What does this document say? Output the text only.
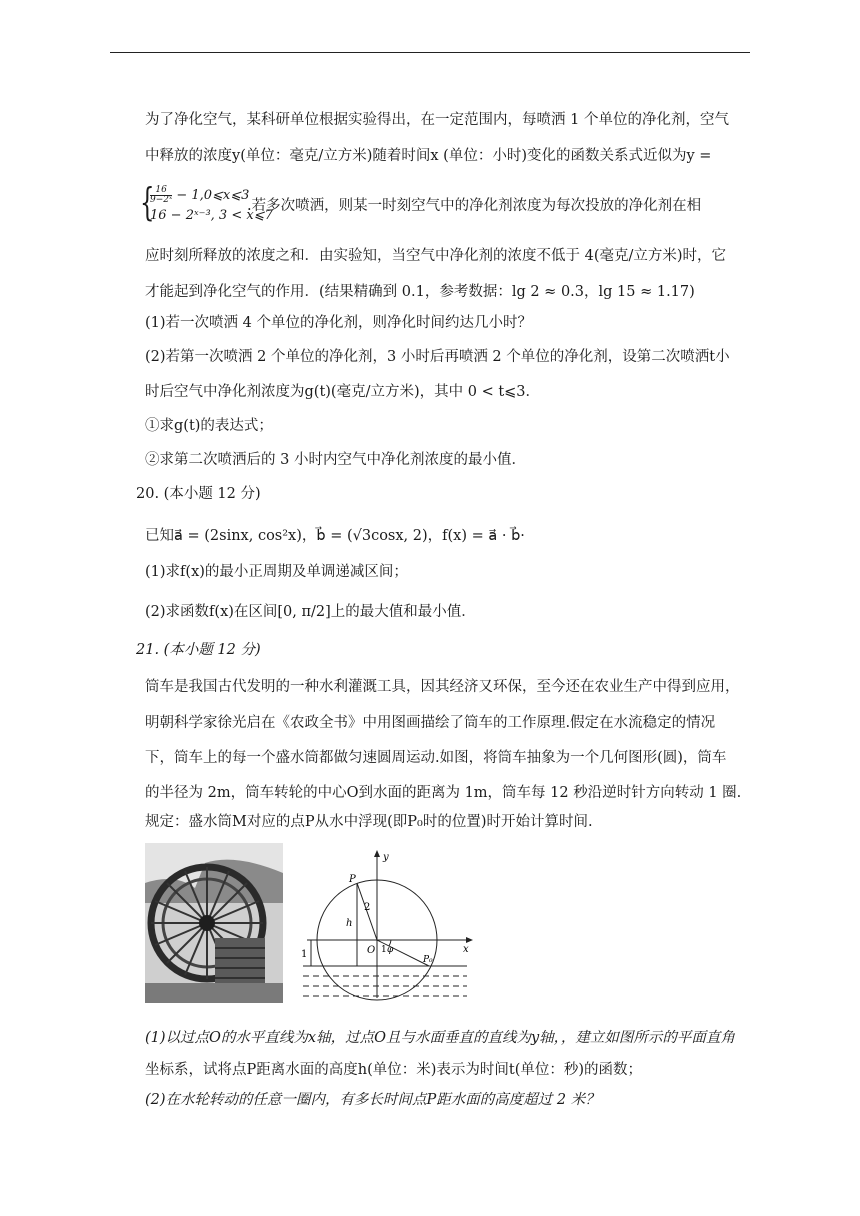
为了净化空气，某科研单位根据实验得出，在一定范围内，每喷洒 1 个单位的净化剂，空气
中释放的浓度y(单位：毫克/立方米)随着时间x (单位：小时)变化的函数关系式近似为y =
{
$\frac{16}{\text{9−2ˣ}}$ − 1,0⩽x⩽3
16 − 2ˣ⁻³, 3 < x⩽7
.若多次喷洒，则某一时刻空气中的净化剂浓度为每次投放的净化剂在相
应时刻所释放的浓度之和．由实验知，当空气中净化剂的浓度不低于 4(毫克/立方米)时，它
才能起到净化空气的作用．(结果精确到 0.1，参考数据：lg 2 ≈ 0.3，lg 15 ≈ 1.17)
(1)若一次喷洒 4 个单位的净化剂，则净化时间约达几小时？
(2)若第一次喷洒 2 个单位的净化剂，3 小时后再喷洒 2 个单位的净化剂，设第二次喷洒t小
时后空气中净化剂浓度为g(t)(毫克/立方米)，其中 0 < t⩽3．
①求g(t)的表达式；
②求第二次喷洒后的 3 小时内空气中净化剂浓度的最小值．
20. (本小题 12 分)
已知a⃗ = (2sinx, cos²x)，b⃗ = (√3cosx, 2)，f(x) = a⃗ · b⃗·
(1)求f(x)的最小正周期及单调递减区间；
(2)求函数f(x)在区间[0, π/2]上的最大值和最小值．
21. (本小题 12 分)
筒车是我国古代发明的一种水利灌溉工具，因其经济又环保，至今还在农业生产中得到应用，
明朝科学家徐光启在《农政全书》中用图画描绘了筒车的工作原理.假定在水流稳定的情况
下，筒车上的每一个盛水筒都做匀速圆周运动.如图，将筒车抽象为一个几何图形(圆)，筒车
的半径为 2m，筒车转轮的中心O到水面的距离为 1m，筒车每 12 秒沿逆时针方向转动 1 圈.
规定：盛水筒M对应的点P从水中浮现(即P₀时的位置)时开始计算时间.
y
x
P
P₀
O
h
2
1	1 φ
(1)以过点O的水平直线为x轴，过点O且与水面垂直的直线为y轴，，建立如图所示的平面直角
坐标系，试将点P距离水面的高度h(单位：米)表示为时间t(单位：秒)的函数；
(2)在水轮转动的任意一圈内，有多长时间点P距水面的高度超过 2 米？
